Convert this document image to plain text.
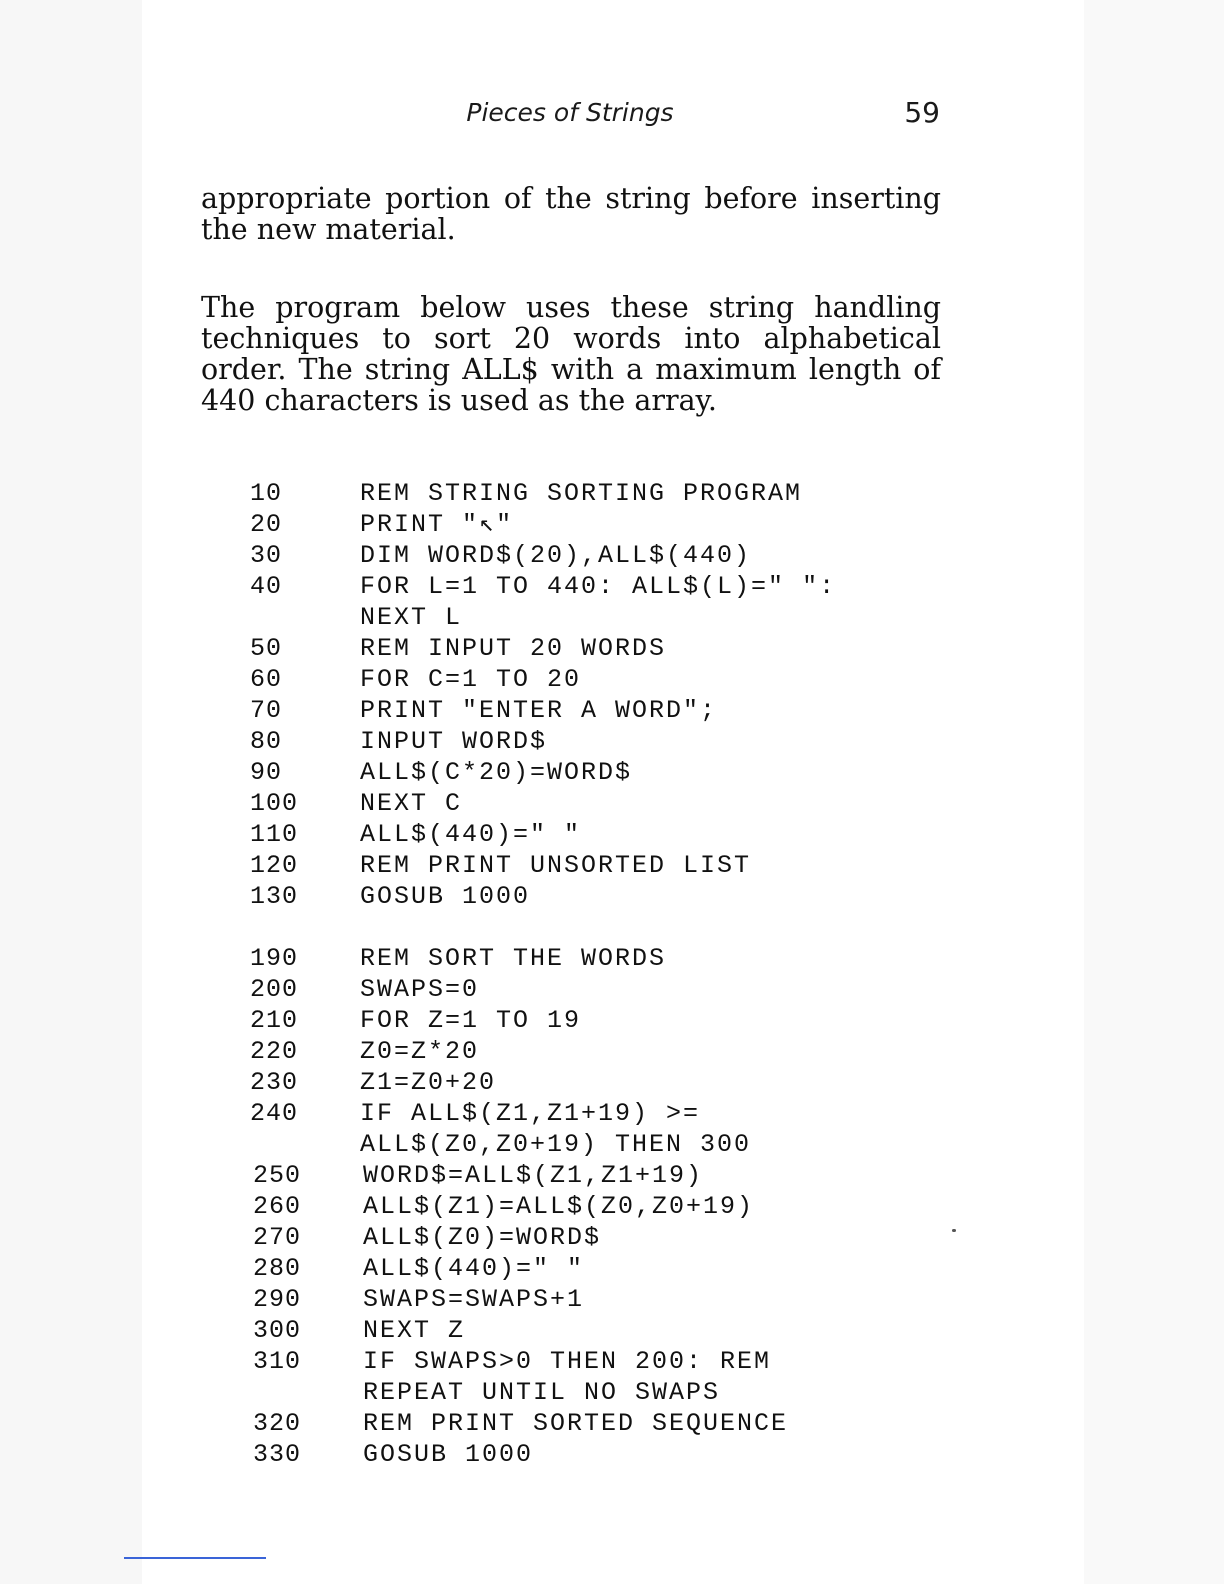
Pieces of Strings	59

appropriate portion of the string before inserting the new material.

The program below uses these string handling techniques to sort 20 words into alphabetical order. The string ALL$ with a maximum length of 440 characters is used as the array.

10	REM STRING SORTING PROGRAM
20	PRINT "↖"
30	DIM WORD$(20),ALL$(440)
40	FOR L=1 TO 440: ALL$(L)=" ":
NEXT L
50	REM INPUT 20 WORDS
60	FOR C=1 TO 20
70	PRINT "ENTER A WORD";
80	INPUT WORD$
90	ALL$(C*20)=WORD$
100	NEXT C
110	ALL$(440)=" "
120	REM PRINT UNSORTED LIST
130	GOSUB 1000
190	REM SORT THE WORDS
200	SWAPS=0
210	FOR Z=1 TO 19
220	Z0=Z*20
230	Z1=Z0+20
240	IF ALL$(Z1,Z1+19) >=
ALL$(Z0,Z0+19) THEN 300
250	WORD$=ALL$(Z1,Z1+19)
260	ALL$(Z1)=ALL$(Z0,Z0+19)
270	ALL$(Z0)=WORD$
280	ALL$(440)=" "
290	SWAPS=SWAPS+1
300	NEXT Z
310	IF SWAPS>0 THEN 200: REM
REPEAT UNTIL NO SWAPS
320	REM PRINT SORTED SEQUENCE
330	GOSUB 1000
